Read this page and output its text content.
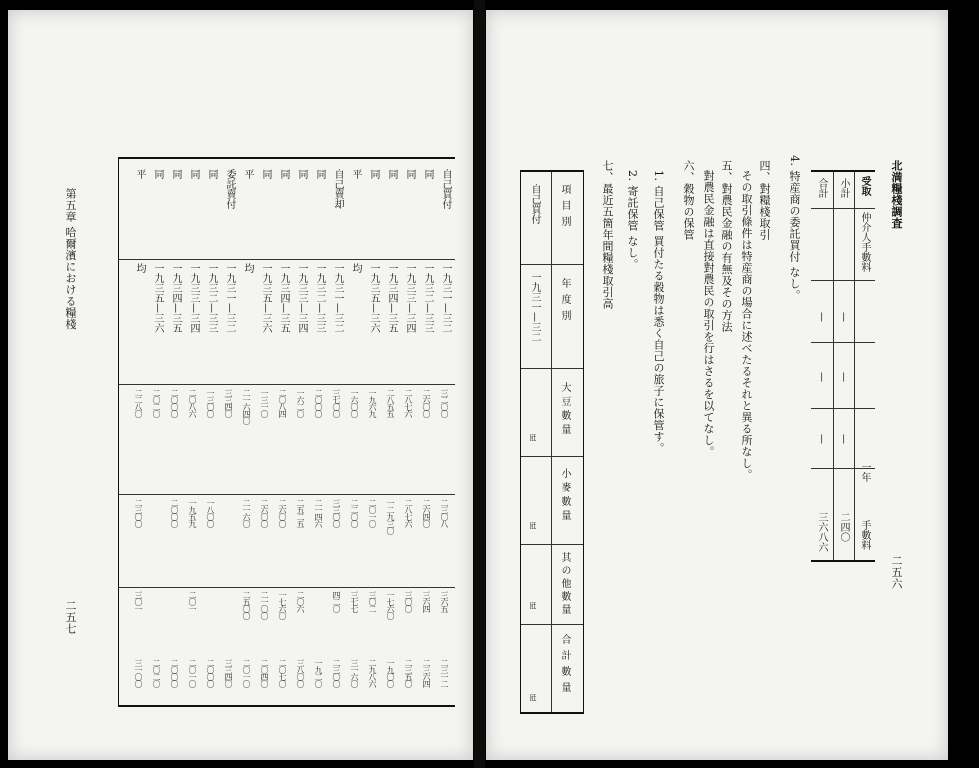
第五章 哈爾濱における糧棧
二五七
自己買付
一九三一—三二
三二〇〇
二三〇八
三六五
二三一二
同
一九三二—三三
二六〇〇
二六四〇
三六四
二三六四
同
一九三三—三四
二八七六
二八七六
三〇〇
二三五〇
同
一九三四—三五
二八五五
一二九三〇
一七六〇
一九〇〇
同
一九三五—三六
一九六九
二〇一〇
三〇二
二九八六
平
均
一六〇〇
二二〇〇
三七七
三一六〇
自己賣却
一九三一—三二
三七〇〇
三三〇〇
四二〇
二三〇〇
同
一九三二—三三
二〇〇〇
二一四六
一九二〇
同
一九三三—三四
一六二〇
二五二五
二〇六
三八〇〇
同
一九三四—三五
二〇八四
二六〇〇
一七六〇
二〇七〇
同
一九三五—三六
一三一〇
二六〇〇
二一〇〇
二〇四〇
平
均
二一六四〇
二一六〇
二五〇〇
二〇一〇
委託賣付
一九三一—三二
三三四〇
三三四〇
同
一九三二—三三
一三〇〇
一八〇〇
二〇〇〇
同
一九三三—三四
二〇八六
一九五九
二〇一
二〇一〇
同
一九三四—三五
二〇〇〇
二〇〇〇
二〇〇〇
同
一九三五—三六
二〇二〇
二〇二〇
平
均
二二八〇
二三〇〇
三〇一
三一〇〇
北満糧棧調査
二五六
受取
仲介人手數料
一年
手數料
小計
—
—
—
二四〇
合計
—
—
—
三六八六
4. 特産商の委託買付 なし。
四、對糧棧取引
その取引條件は特産商の場合に述べたるそれと異る所なし。
五、對農民金融の有無及その方法
對農民金融は直接對農民の取引を行はさるを以てなし。
六、穀物の保管
1. 自己保管 買付たる穀物は悉く自己の旅子に保管す。
2. 寄託保管 なし。
七、最近五箇年間糧棧取引高
項目別
年度別
大豆數量
小麥數量
其の他數量
合計數量
自己買付
一九三一—三二
瓩
瓩
瓩
瓩
